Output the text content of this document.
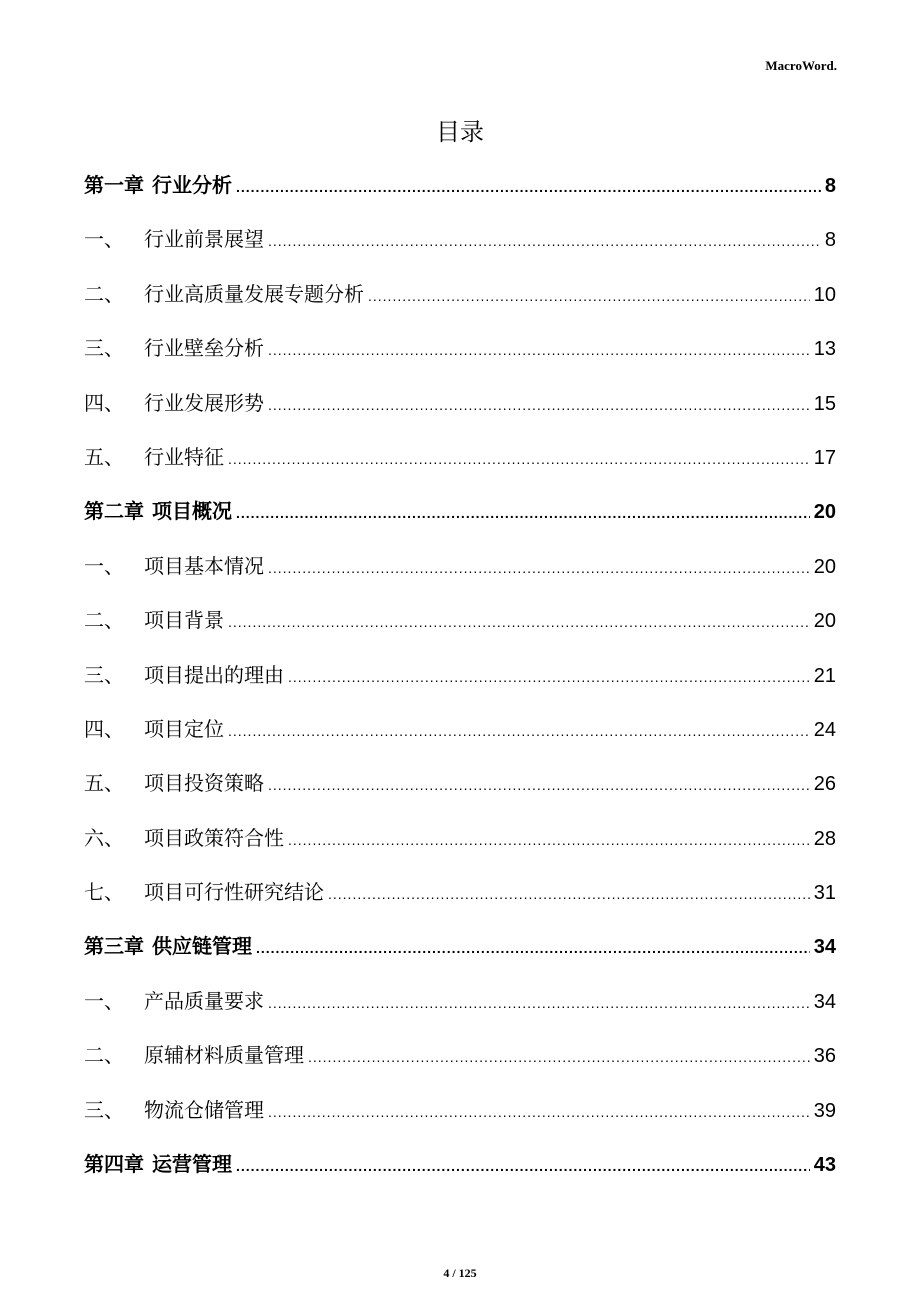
MacroWord.
目录
第一章 行业分析 .....	8
一、	行业前景展望 .....	8
二、	行业高质量发展专题分析 .....	10
三、	行业壁垒分析 .....	13
四、	行业发展形势 .....	15
五、	行业特征 .....	17
第二章 项目概况 .....	20
一、	项目基本情况 .....	20
二、	项目背景 .....	20
三、	项目提出的理由 .....	21
四、	项目定位 .....	24
五、	项目投资策略 .....	26
六、	项目政策符合性 .....	28
七、	项目可行性研究结论 .....	31
第三章 供应链管理 .....	34
一、	产品质量要求 .....	34
二、	原辅材料质量管理 .....	36
三、	物流仓储管理 .....	39
第四章 运营管理 .....	43
4 / 125
